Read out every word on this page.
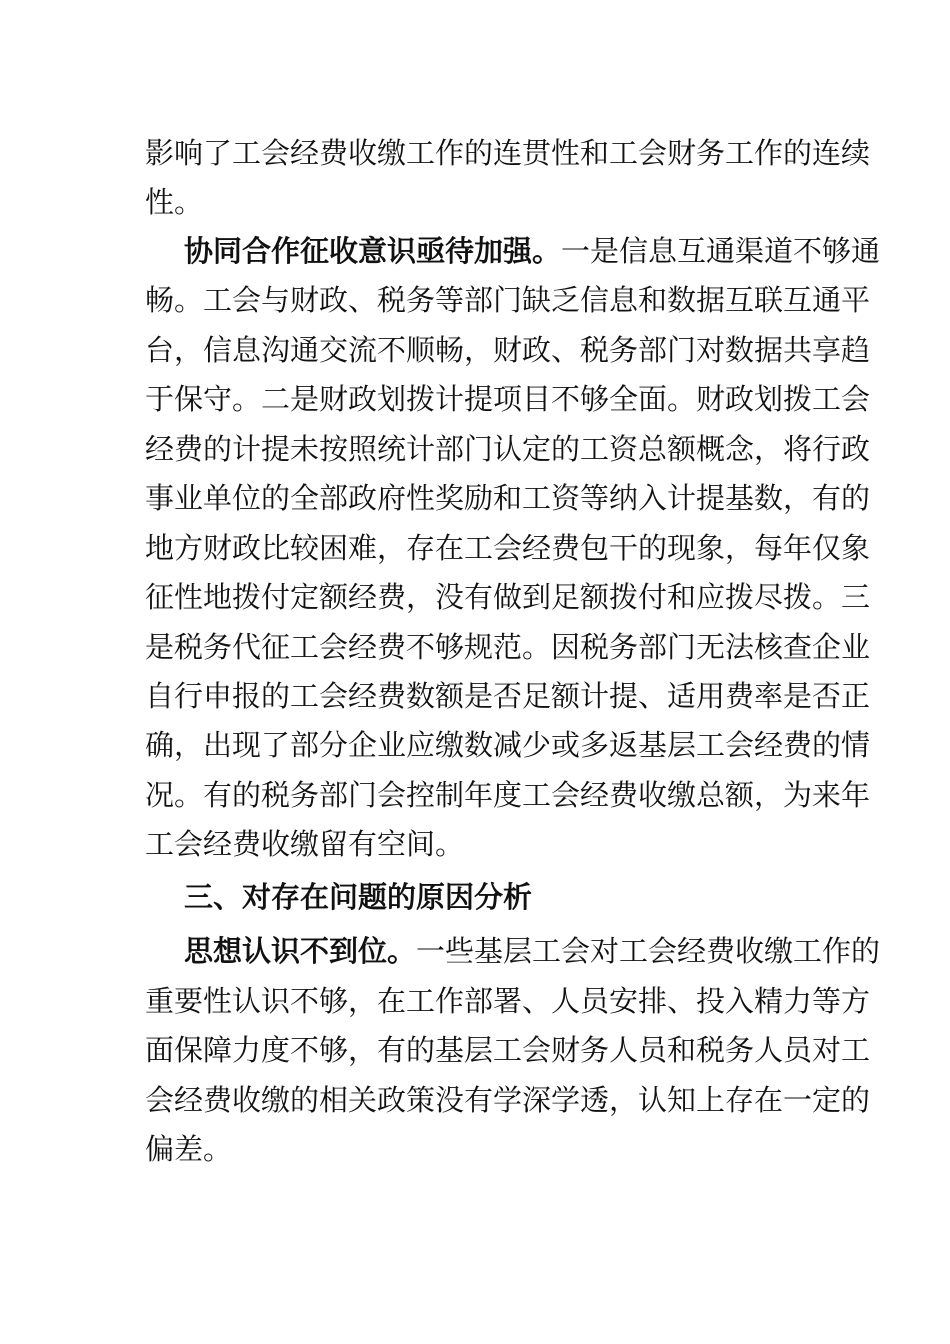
影响了工会经费收缴工作的连贯性和工会财务工作的连续
性。
协同合作征收意识亟待加强。一是信息互通渠道不够通
畅。工会与财政、税务等部门缺乏信息和数据互联互通平
台，信息沟通交流不顺畅，财政、税务部门对数据共享趋
于保守。二是财政划拨计提项目不够全面。财政划拨工会
经费的计提未按照统计部门认定的工资总额概念，将行政
事业单位的全部政府性奖励和工资等纳入计提基数，有的
地方财政比较困难，存在工会经费包干的现象，每年仅象
征性地拨付定额经费，没有做到足额拨付和应拨尽拨。三
是税务代征工会经费不够规范。因税务部门无法核查企业
自行申报的工会经费数额是否足额计提、适用费率是否正
确，出现了部分企业应缴数减少或多返基层工会经费的情
况。有的税务部门会控制年度工会经费收缴总额，为来年
工会经费收缴留有空间。
三、对存在问题的原因分析
思想认识不到位。一些基层工会对工会经费收缴工作的
重要性认识不够，在工作部署、人员安排、投入精力等方
面保障力度不够，有的基层工会财务人员和税务人员对工
会经费收缴的相关政策没有学深学透，认知上存在一定的
偏差。
